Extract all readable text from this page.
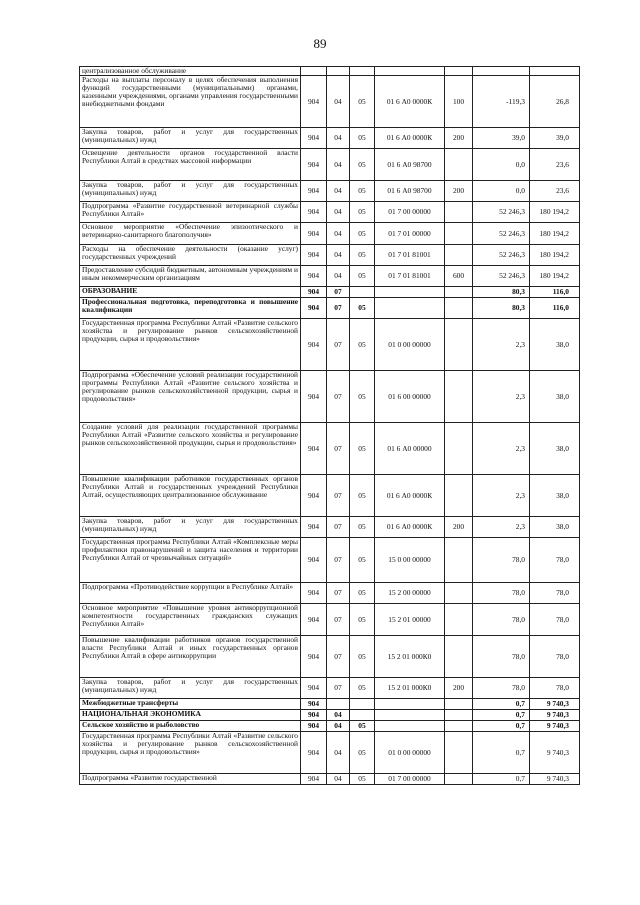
89
централизованное обслуживание							
Расходы на выплаты персоналу в целях обеспечения выполнения функций государственными (муниципальными) органами, казенными учреждениями, органами управления государственными внебюджетными фондами	904	04	05	01 6 А0 0000К	100	-119,3	26,8
Закупка товаров, работ и услуг для государственных (муниципальных) нужд	904	04	05	01 6 А0 0000К	200	39,0	39,0
Освещение деятельности органов государственной власти Республики Алтай в средствах массовой информации	904	04	05	01 6 А0 98700		0,0	23,6
Закупка товаров, работ и услуг для государственных (муниципальных) нужд	904	04	05	01 6 А0 98700	200	0,0	23,6
Подпрограмма «Развитие государственной ветеринарной службы Республики Алтай»	904	04	05	01 7 00 00000		52 246,3	180 194,2
Основное мероприятие «Обеспечение эпизоотического и ветеринарно-санитарного благополучия»	904	04	05	01 7 01 00000		52 246,3	180 194,2
Расходы на обеспечение деятельности (оказание услуг) государственных учреждений	904	04	05	01 7 01 81001		52 246,3	180 194,2
Предоставление субсидий бюджетным, автономным учреждениям и иным некоммерческим организациям	904	04	05	01 7 01 81001	600	52 246,3	180 194,2
ОБРАЗОВАНИЕ	904	07				80,3	116,0
Профессиональная подготовка, переподготовка и повышение квалификации	904	07	05			80,3	116,0
Государственная программа Республики Алтай «Развитие сельского хозяйства и регулирование рынков сельскохозяйственной продукции, сырья и продовольствия»	904	07	05	01 0 00 00000		2,3	38,0
Подпрограмма «Обеспечение условий реализации государственной программы Республики Алтай «Развитие сельского хозяйства и регулирование рынков сельскохозяйственной продукции, сырья и продовольствия»	904	07	05	01 6 00 00000		2,3	38,0
Создание условий для реализации государственной программы Республики Алтай «Развитие сельского хозяйства и регулирование рынков сельскохозяйственной продукции, сырья и продовольствия»	904	07	05	01 6 А0 00000		2,3	38,0
Повышение квалификации работников государственных органов Республики Алтай и государственных учреждений Республики Алтай, осуществляющих централизованное обслуживание	904	07	05	01 6 А0 0000К		2,3	38,0
Закупка товаров, работ и услуг для государственных (муниципальных) нужд	904	07	05	01 6 А0 0000К	200	2,3	38,0
Государственная программа Республики Алтай «Комплексные меры профилактики правонарушений и защита населения и территории Республики Алтай от чрезвычайных ситуаций»	904	07	05	15 0 00 00000		78,0	78,0
Подпрограмма «Противодействие коррупции в Республике Алтай»	904	07	05	15 2 00 00000		78,0	78,0
Основное мероприятие «Повышение уровня антикоррупционной компетентности государственных гражданских служащих Республики Алтай»	904	07	05	15 2 01 00000		78,0	78,0
Повышение квалификации работников органов государственной власти Республики Алтай и иных государственных органов Республики Алтай в сфере антикоррупции	904	07	05	15 2 01 000К0		78,0	78,0
Закупка товаров, работ и услуг для государственных (муниципальных) нужд	904	07	05	15 2 01 000К0	200	78,0	78,0
Межбюджетные трансферты	904					0,7	9 740,3
НАЦИОНАЛЬНАЯ ЭКОНОМИКА	904	04				0,7	9 740,3
Сельское хозяйство и рыболовство	904	04	05			0,7	9 740,3
Государственная программа Республики Алтай «Развитие сельского хозяйства и регулирование рынков сельскохозяйственной продукции, сырья и продовольствия»	904	04	05	01 0 00 00000		0,7	9 740,3
Подпрограмма «Развитие государственной	904	04	05	01 7 00 00000		0,7	9 740,3
